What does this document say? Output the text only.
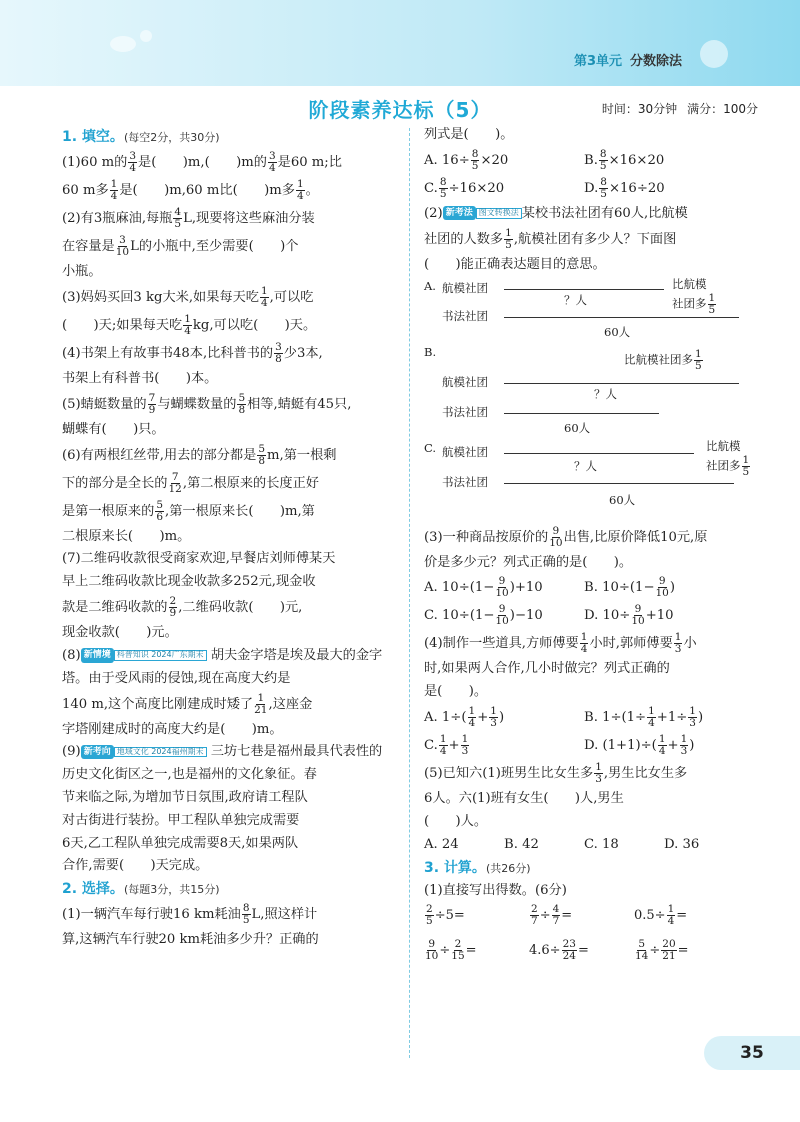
第3单元 分数除法
阶段素养达标（5）	时间：30分钟 满分：100分
1. 填空。(每空2分，共30分)

(1)60 m的 $\frac{3}{4}$ 是(　　)m,(　　)m的 $\frac{3}{4}$ 是60 m;比

60 m多 $\frac{1}{4}$ 是(　　)m,60 m比(　　)m多 $\frac{1}{4}$ 。

(2)有3瓶麻油,每瓶 $\frac{4}{5} L$,现要将这些麻油分装

在容量是 $\frac{3}{10}$ L的小瓶中,至少需要(　　)个

小瓶。

(3)妈妈买回3 kg大米,如果每天吃 $\frac{1}{4}$ ,可以吃

(　　)天;如果每天吃 $\frac{1}{4}$ kg,可以吃(　　)天。

(4)书架上有故事书48本,比科普书的 $\frac{3}{8}$ 少3本,

书架上有科普书(　　)本。

(5)蜻蜓数量的 $\frac{7}{9}$ 与蝴蝶数量的 $\frac{5}{8}$ 相等,蜻蜓有45只,

蝴蝶有(　　)只。

(6)有两根红丝带,用去的部分都是 $\frac{5}{8} m$,第一根剩

下的部分是全长的 $\frac{7}{12}$ ,第二根原来的长度正好

是第一根原来的 $\frac{5}{6}$ ,第一根原来长(　　)m,第

二根原来长(　　)m。

(7)二维码收款很受商家欢迎,早餐店刘师傅某天

早上二维码收款比现金收款多252元,现金收

款是二维码收款的 $\frac{2}{9}$ ,二维码收款(　　)元,

现金收款(　　)元。

(8) 新情境 科普知识 2024广东期末 胡夫金字塔是埃及最大的金字

塔。由于受风雨的侵蚀,现在高度大约是

140 m,这个高度比刚建成时矮了 $\frac{1}{21}$ ,这座金

字塔刚建成时的高度大约是(　　)m。

(9) 新考向 地域文化 2024福州期末 三坊七巷是福州最具代表性的

历史文化街区之一,也是福州的文化象征。春

节来临之际,为增加节日氛围,政府请工程队

对古街进行装扮。甲工程队单独完成需要

6天,乙工程队单独完成需要8天,如果两队

合作,需要(　　)天完成。

2. 选择。(每题3分，共15分)

(1)一辆汽车每行驶16 km耗油 $\frac{8}{5} L$,照这样计

算,这辆汽车行驶20 km耗油多少升？正确的

列式是(　　)。

A. $16\div \frac{8}{5} \times 20$	B. $\frac{8}{5} \times 16\times 20$

C. $\frac{8}{5} \div 16\times 20$	D. $\frac{8}{5} \times 16\div 20$

(2) 新考法 图文转换法 某校书法社团有60人,比航模

社团的人数多 $\frac{1}{5}$ ,航模社团有多少人？下面图

(　　)能正确表达题目的意思。

A. 航模社团	比航模
社团多 $\frac{1}{5}$
？人
书法社团
60人
B.
比航模社团多 $\frac{1}{5}$
航模社团
？人
书法社团
60人
C. 航模社团	比航模
社团多 $\frac{1}{5}$
？人
书法社团
60人

(3)一种商品按原价的 $\frac{9}{10}$ 出售,比原价降低10元,原

价是多少元？列式正确的是(　　)。

A. $10\div(1- \frac{9}{10} )+10$	B. $10\div(1- \frac{9}{10}$ )

C. $10\div(1- \frac{9}{10} )-10$	D. $10\div \frac{9}{10} +10$

(4)制作一些道具,方师傅要 $\frac{1}{4}$ 小时,郭师傅要 $\frac{1}{3}$ 小

时,如果两人合作,几小时做完？列式正确的

是(　　)。

A. $1\div( \frac{1}{4} + \frac{1}{3}$ )	B. $1\div(1\div \frac{1}{4} +1\div \frac{1}{3}$ )

C. $\frac{1}{4} + \frac{1}{3}$	D. $(1+1)\div( \frac{1}{4} + \frac{1}{3}$ )

(5)已知六(1)班男生比女生多 $\frac{1}{3}$ ,男生比女生多

6人。六(1)班有女生(　　)人,男生

(　　)人。

A. 24	B. 42	C. 18	D. 36

3. 计算。(共26分)

(1)直接写出得数。(6分)

$\frac{2}{5} \div 5=$	$\frac{2}{7} \div \frac{4}{7}$ =	$0.5\div \frac{1}{4}$ =
$\frac{9}{10} \div \frac{2}{15}$ =	$4.6\div \frac{23}{24}$ =	$\frac{5}{14} \div \frac{20}{21}$ =
35
